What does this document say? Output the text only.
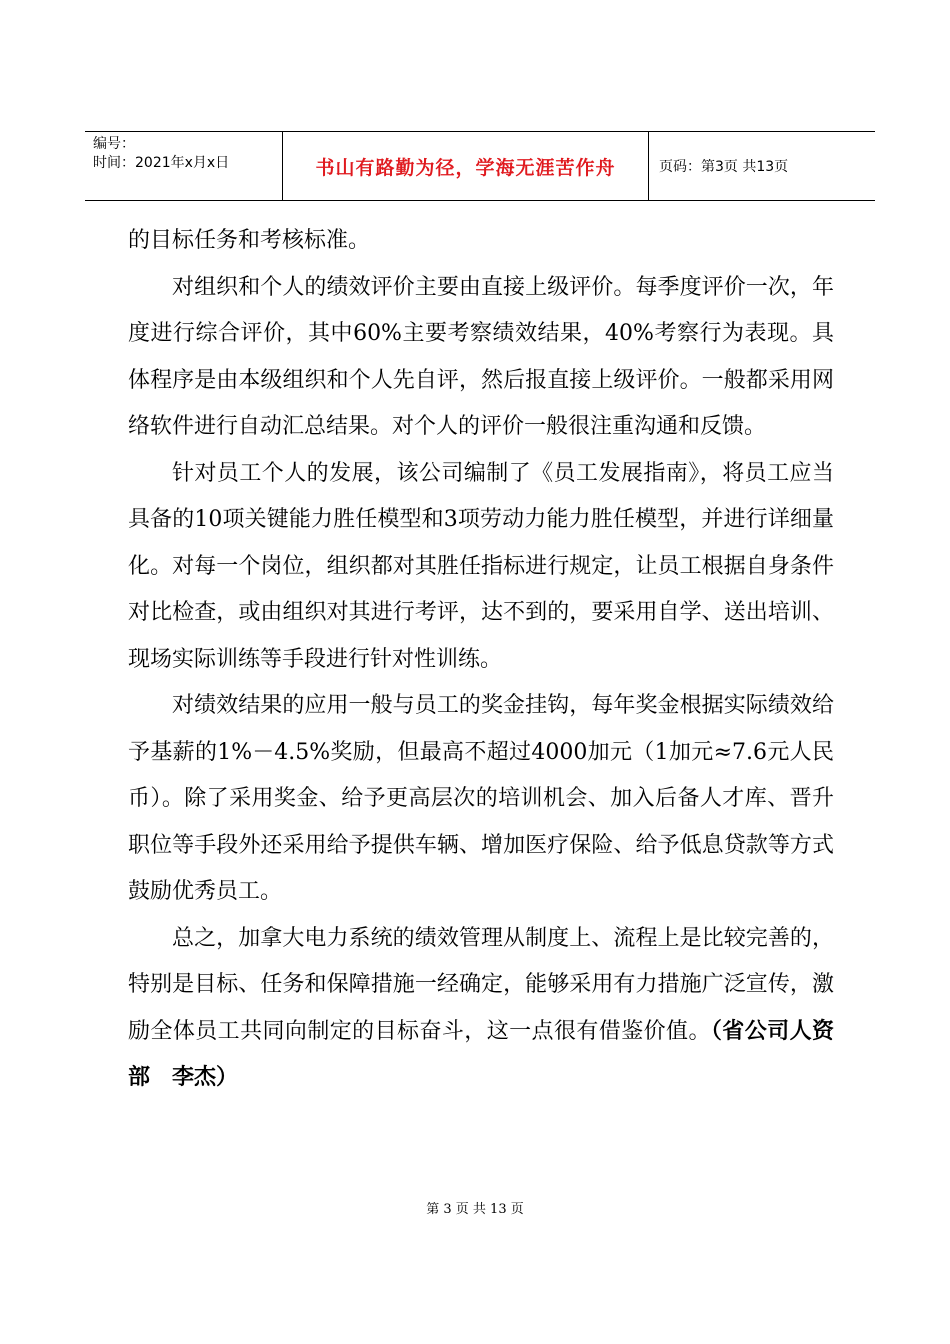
编号：
时间：2021年x月x日	书山有路勤为径，学海无涯苦作舟	页码：第3页 共13页

的目标任务和考核标准。

对组织和个人的绩效评价主要由直接上级评价。每季度评价一次，年度进行综合评价，其中60%主要考察绩效结果，40%考察行为表现。具体程序是由本级组织和个人先自评，然后报直接上级评价。一般都采用网络软件进行自动汇总结果。对个人的评价一般很注重沟通和反馈。

针对员工个人的发展，该公司编制了《员工发展指南》，将员工应当具备的10项关键能力胜任模型和3项劳动力能力胜任模型，并进行详细量化。对每一个岗位，组织都对其胜任指标进行规定，让员工根据自身条件对比检查，或由组织对其进行考评，达不到的，要采用自学、送出培训、现场实际训练等手段进行针对性训练。

对绩效结果的应用一般与员工的奖金挂钩，每年奖金根据实际绩效给予基薪的1%－4.5%奖励，但最高不超过4000加元（1加元≈7.6元人民币）。除了采用奖金、给予更高层次的培训机会、加入后备人才库、晋升职位等手段外还采用给予提供车辆、增加医疗保险、给予低息贷款等方式鼓励优秀员工。

总之，加拿大电力系统的绩效管理从制度上、流程上是比较完善的，特别是目标、任务和保障措施一经确定，能够采用有力措施广泛宣传，激励全体员工共同向制定的目标奋斗，这一点很有借鉴价值。（省公司人资部　李杰）

第 3 页 共 13 页
